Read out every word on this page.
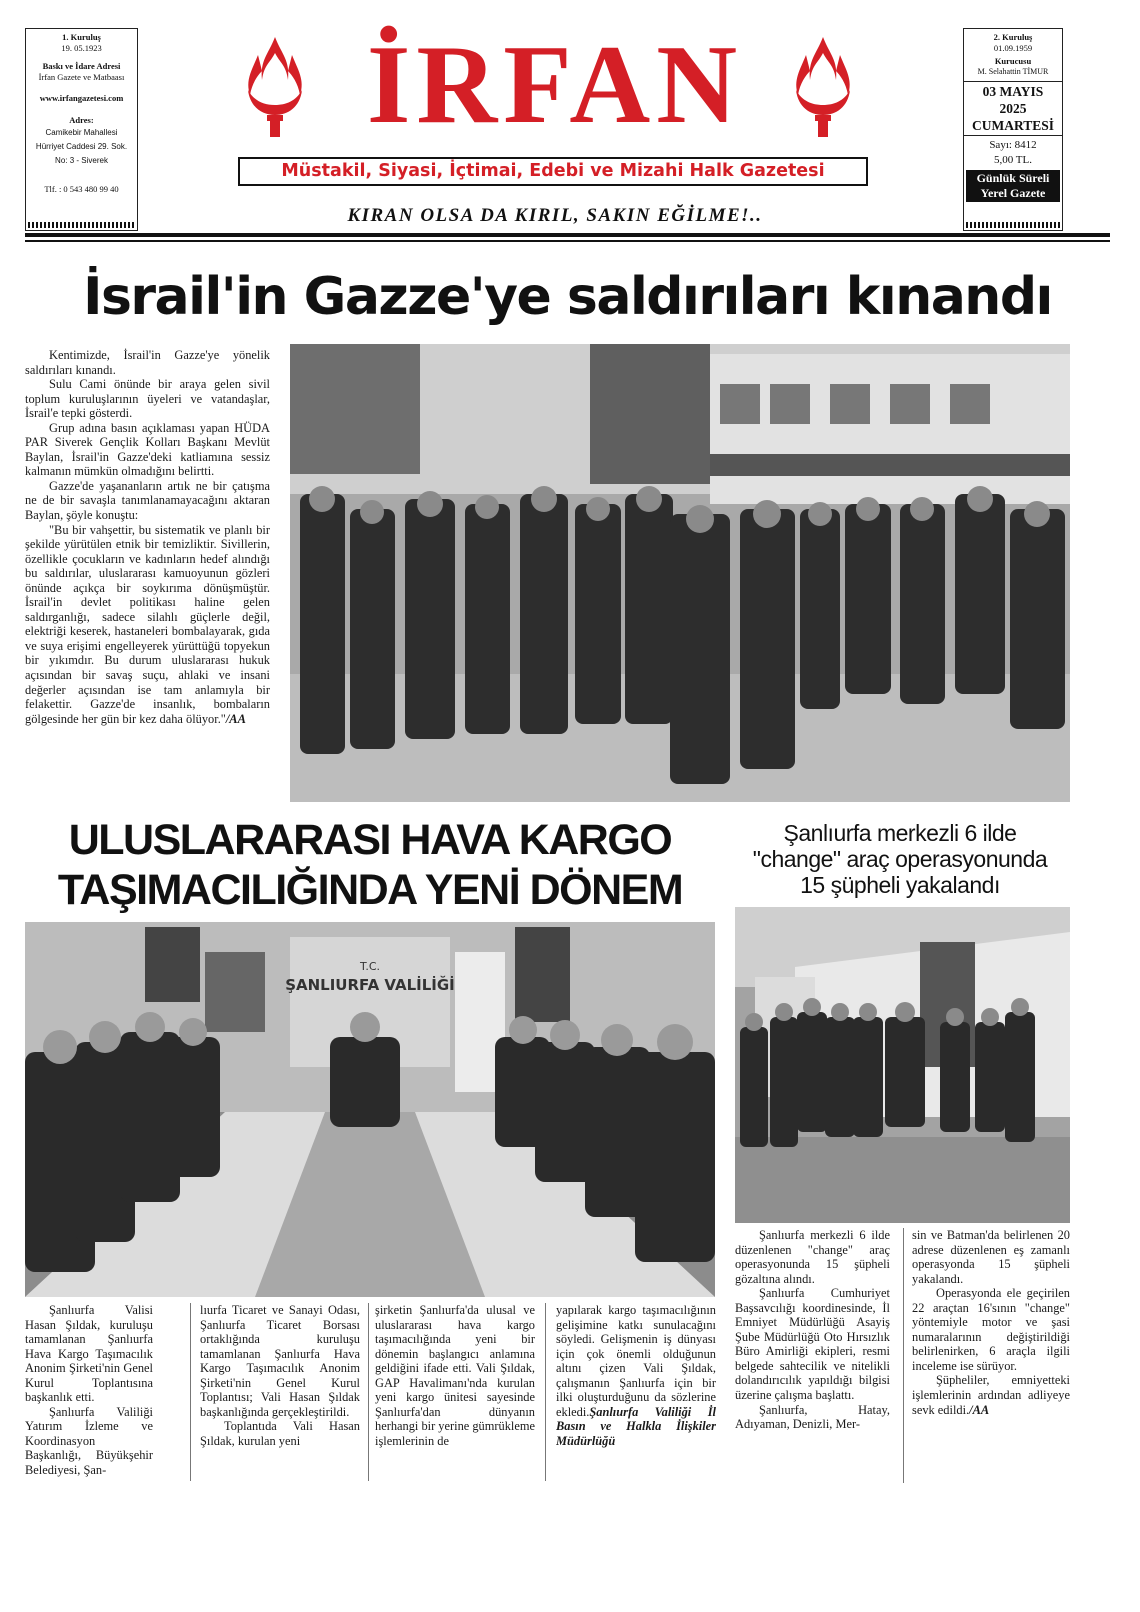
1. Kuruluş
19. 05.1923
Baskı ve İdare Adresi
İrfan Gazete ve Matbaası
www.irfangazetesi.com
Adres:
Camikebir Mahallesi
Hürriyet Caddesi 29. Sok.
No: 3 - Siverek
Tlf. : 0 543 480 99 40
2. Kuruluş
01.09.1959
Kurucusu
M. Selahattin TİMUR
03 MAYIS
2025
CUMARTESİ
Sayı: 8412
5,00 TL.
Günlük Süreli
Yerel Gazete
İRFAN
Müstakil, Siyasi, İçtimai, Edebi ve Mizahi Halk Gazetesi
KIRAN OLSA DA KIRIL, SAKIN EĞİLME!..
İsrail'in Gazze'ye saldırıları kınandı

Kentimizde, İsrail'in Gazze'ye yönelik saldırıları kınandı.

Sulu Cami önünde bir araya gelen sivil toplum kuruluşlarının üyeleri ve vatandaşlar, İsrail'e tepki gösterdi.

Grup adına basın açıklaması yapan HÜDA PAR Siverek Gençlik Kolları Başkanı Mevlüt Baylan, İsrail'in Gazze'deki katliamına sessiz kalmanın mümkün olmadığını belirtti.

Gazze'de yaşananların artık ne bir çatışma ne de bir savaşla tanımlanamayacağını aktaran Baylan, şöyle konuştu:

"Bu bir vahşettir, bu sistematik ve planlı bir şekilde yürütülen etnik bir temizliktir. Sivillerin, özellikle çocukların ve kadınların hedef alındığı bu saldırılar, uluslararası kamuoyunun gözleri önünde açıkça bir soykırıma dönüşmüştür. İsrail'in devlet politikası haline gelen saldırganlığı, sadece silahlı güçlerle değil, elektriği keserek, hastaneleri bombalayarak, gıda ve suya erişimi engelleyerek yürüttüğü topyekun bir yıkımdır. Bu durum uluslararası hukuk açısından bir savaş suçu, ahlaki ve insani değerler açısından ise tam anlamıyla bir felakettir. Gazze'de insanlık, bombaların gölgesinde her gün bir kez daha ölüyor."/AA

ULUSLARARASI HAVA KARGO
TAŞIMACILIĞINDA YENİ DÖNEM
T.C.
ŞANLIURFA VALİLİĞİ

Şanlıurfa Valisi Hasan Şıldak, kuruluşu tamamlanan Şanlıurfa Hava Kargo Taşımacılık Anonim Şirketi'nin Genel Kurul Toplantısına başkanlık etti.

Şanlıurfa Valiliği Yatırım İzleme ve Koordinasyon Başkanlığı, Büyükşehir Belediyesi, Şan-

lıurfa Ticaret ve Sanayi Odası, Şanlıurfa Ticaret Borsası ortaklığında kuruluşu tamamlanan Şanlıurfa Hava Kargo Taşımacılık Anonim Şirketi'nin Genel Kurul Toplantısı; Vali Hasan Şıldak başkanlığında gerçekleştirildi.

Toplantıda Vali Hasan Şıldak, kurulan yeni

şirketin Şanlıurfa'da ulusal ve uluslararası hava kargo taşımacılığında yeni bir dönemin başlangıcı anlamına geldiğini ifade etti. Vali Şıldak, GAP Havalimanı'nda kurulan yeni kargo ünitesi sayesinde Şanlıurfa'dan dünyanın herhangi bir yerine gümrükleme işlemlerinin de

yapılarak kargo taşımacılığının gelişimine katkı sunulacağını söyledi. Gelişmenin iş dünyası için çok önemli olduğunun altını çizen Vali Şıldak, çalışmanın Şanlıurfa için bir ilki oluşturduğunu da sözlerine ekledi.Şanlıurfa Valiliği İl Basın ve Halkla İlişkiler Müdürlüğü

Şanlıurfa merkezli 6 ilde
"change" araç operasyonunda
15 şüpheli yakalandı

Şanlıurfa merkezli 6 ilde düzenlenen "change" araç operasyonunda 15 şüpheli gözaltına alındı.

Şanlıurfa Cumhuriyet Başsavcılığı koordinesinde, İl Emniyet Müdürlüğü Asayiş Şube Müdürlüğü Oto Hırsızlık Büro Amirliği ekipleri, resmi belgede sahtecilik ve nitelikli dolandırıcılık yapıldığı bilgisi üzerine çalışma başlattı.

Şanlıurfa, Hatay, Adıyaman, Denizli, Mer-

sin ve Batman'da belirlenen 20 adrese düzenlenen eş zamanlı operasyonda 15 şüpheli yakalandı.

Operasyonda ele geçirilen 22 araçtan 16'sının "change" yöntemiyle motor ve şasi numaralarının değiştirildiği belirlenirken, 6 araçla ilgili inceleme ise sürüyor.

Şüpheliler, emniyetteki işlemlerinin ardından adliyeye sevk edildi./AA
